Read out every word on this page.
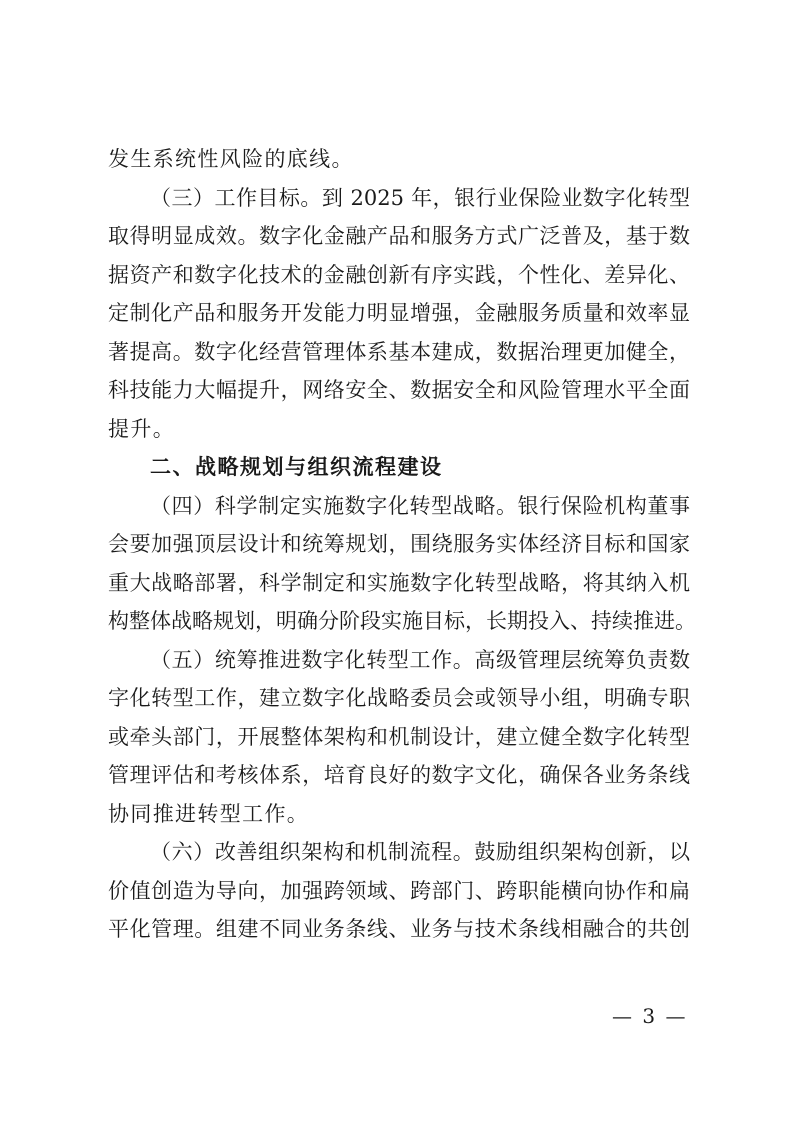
发生系统性风险的底线。
（三）工作目标。到 2025 年，银行业保险业数字化转型
取得明显成效。数字化金融产品和服务方式广泛普及，基于数
据资产和数字化技术的金融创新有序实践，个性化、差异化、
定制化产品和服务开发能力明显增强，金融服务质量和效率显
著提高。数字化经营管理体系基本建成，数据治理更加健全，
科技能力大幅提升，网络安全、数据安全和风险管理水平全面
提升。
二、战略规划与组织流程建设
（四）科学制定实施数字化转型战略。银行保险机构董事
会要加强顶层设计和统筹规划，围绕服务实体经济目标和国家
重大战略部署，科学制定和实施数字化转型战略，将其纳入机
构整体战略规划，明确分阶段实施目标，长期投入、持续推进。
（五）统筹推进数字化转型工作。高级管理层统筹负责数
字化转型工作，建立数字化战略委员会或领导小组，明确专职
或牵头部门，开展整体架构和机制设计，建立健全数字化转型
管理评估和考核体系，培育良好的数字文化，确保各业务条线
协同推进转型工作。
（六）改善组织架构和机制流程。鼓励组织架构创新，以
价值创造为导向，加强跨领域、跨部门、跨职能横向协作和扁
平化管理。组建不同业务条线、业务与技术条线相融合的共创
— 3 —
